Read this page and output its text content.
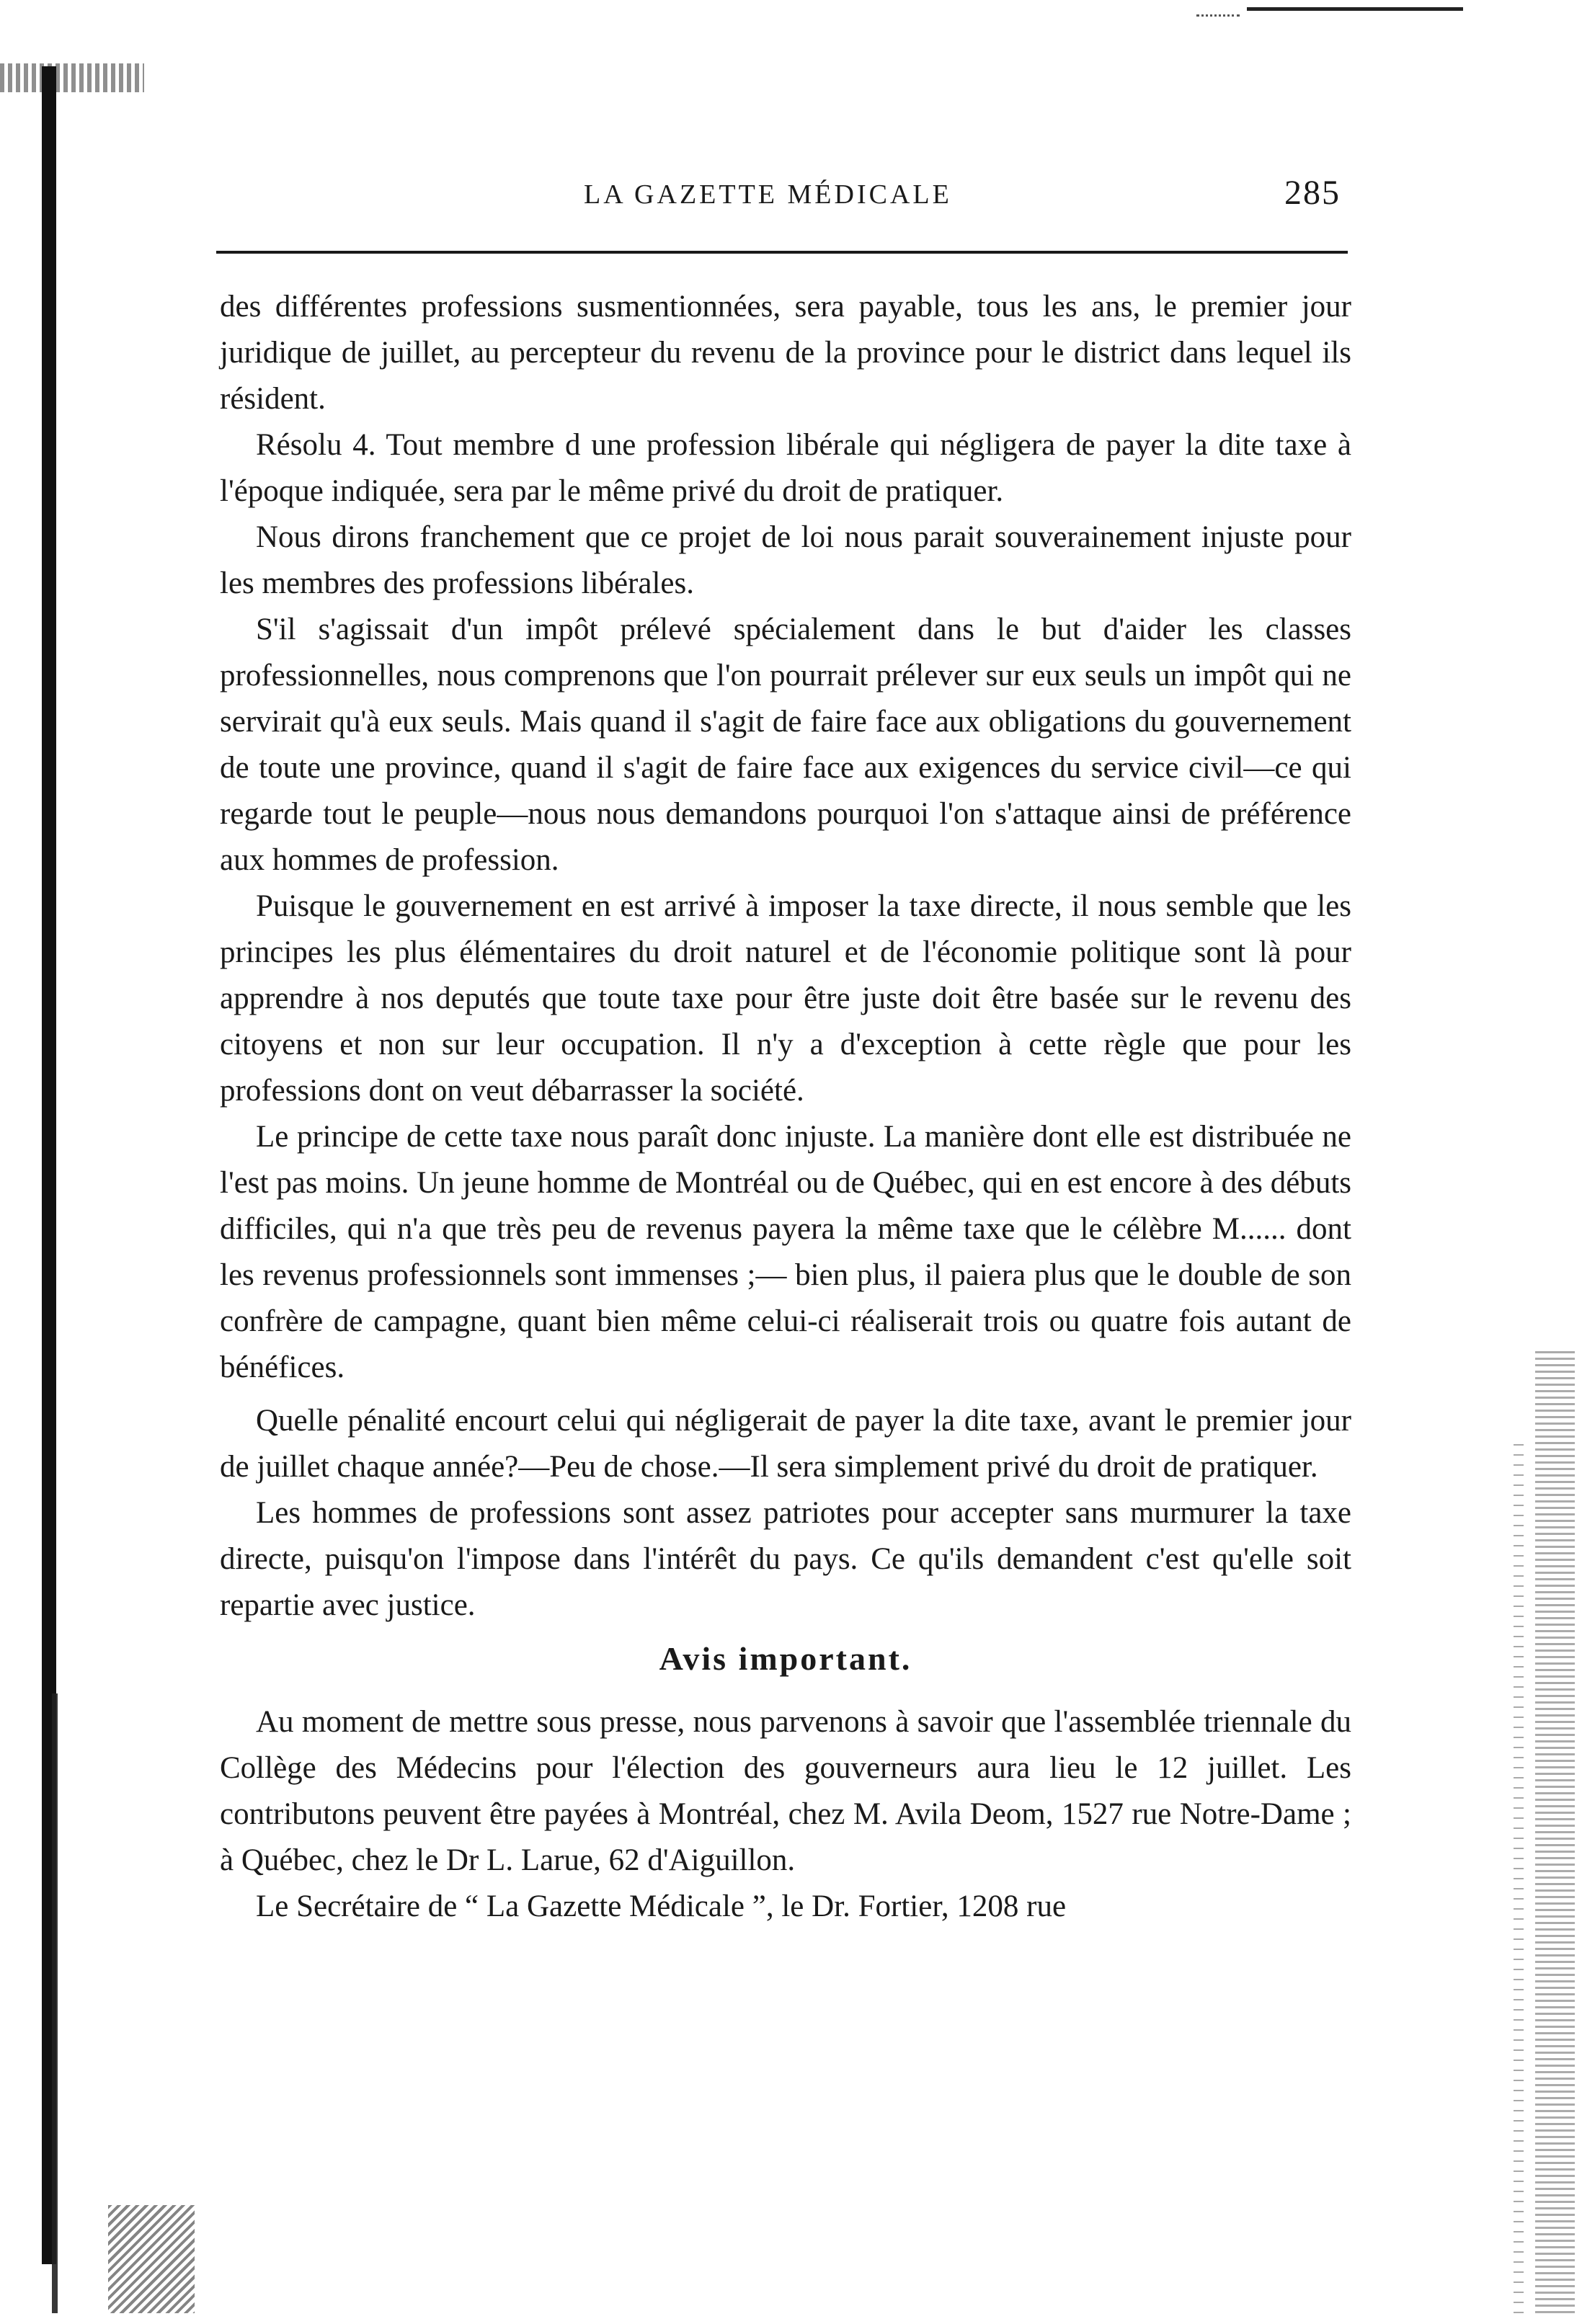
LA GAZETTE MÉDICALE	285

des différentes professions susmentionnées, sera payable, tous les ans, le premier jour juridique de juillet, au percepteur du revenu de la province pour le district dans lequel ils résident.

Résolu 4. Tout membre d une profession libérale qui négligera de payer la dite taxe à l'époque indiquée, sera par le même privé du droit de pratiquer.

Nous dirons franchement que ce projet de loi nous parait souverainement injuste pour les membres des professions libérales.

S'il s'agissait d'un impôt prélevé spécialement dans le but d'aider les classes professionnelles, nous comprenons que l'on pourrait prélever sur eux seuls un impôt qui ne servirait qu'à eux seuls. Mais quand il s'agit de faire face aux obligations du gouvernement de toute une province, quand il s'agit de faire face aux exigences du service civil—ce qui regarde tout le peuple—nous nous demandons pourquoi l'on s'attaque ainsi de préférence aux hommes de profession.

Puisque le gouvernement en est arrivé à imposer la taxe directe, il nous semble que les principes les plus élémentaires du droit naturel et de l'économie politique sont là pour apprendre à nos deputés que toute taxe pour être juste doit être basée sur le revenu des citoyens et non sur leur occupation. Il n'y a d'exception à cette règle que pour les professions dont on veut débarrasser la société.

Le principe de cette taxe nous paraît donc injuste. La manière dont elle est distribuée ne l'est pas moins. Un jeune homme de Montréal ou de Québec, qui en est encore à des débuts difficiles, qui n'a que très peu de revenus payera la même taxe que le célèbre M...... dont les revenus professionnels sont immenses ;— bien plus, il paiera plus que le double de son confrère de campagne, quant bien même celui-ci réaliserait trois ou quatre fois autant de bénéfices.

Quelle pénalité encourt celui qui négligerait de payer la dite taxe, avant le premier jour de juillet chaque année?—Peu de chose.—Il sera simplement privé du droit de pratiquer.

Les hommes de professions sont assez patriotes pour accepter sans murmurer la taxe directe, puisqu'on l'impose dans l'intérêt du pays. Ce qu'ils demandent c'est qu'elle soit repartie avec justice.

Avis important.

Au moment de mettre sous presse, nous parvenons à savoir que l'assemblée triennale du Collège des Médecins pour l'élection des gouverneurs aura lieu le 12 juillet. Les contributons peuvent être payées à Montréal, chez M. Avila Deom, 1527 rue Notre-Dame ; à Québec, chez le Dr L. Larue, 62 d'Aiguillon.

Le Secrétaire de “ La Gazette Médicale ”, le Dr. Fortier, 1208 rue
